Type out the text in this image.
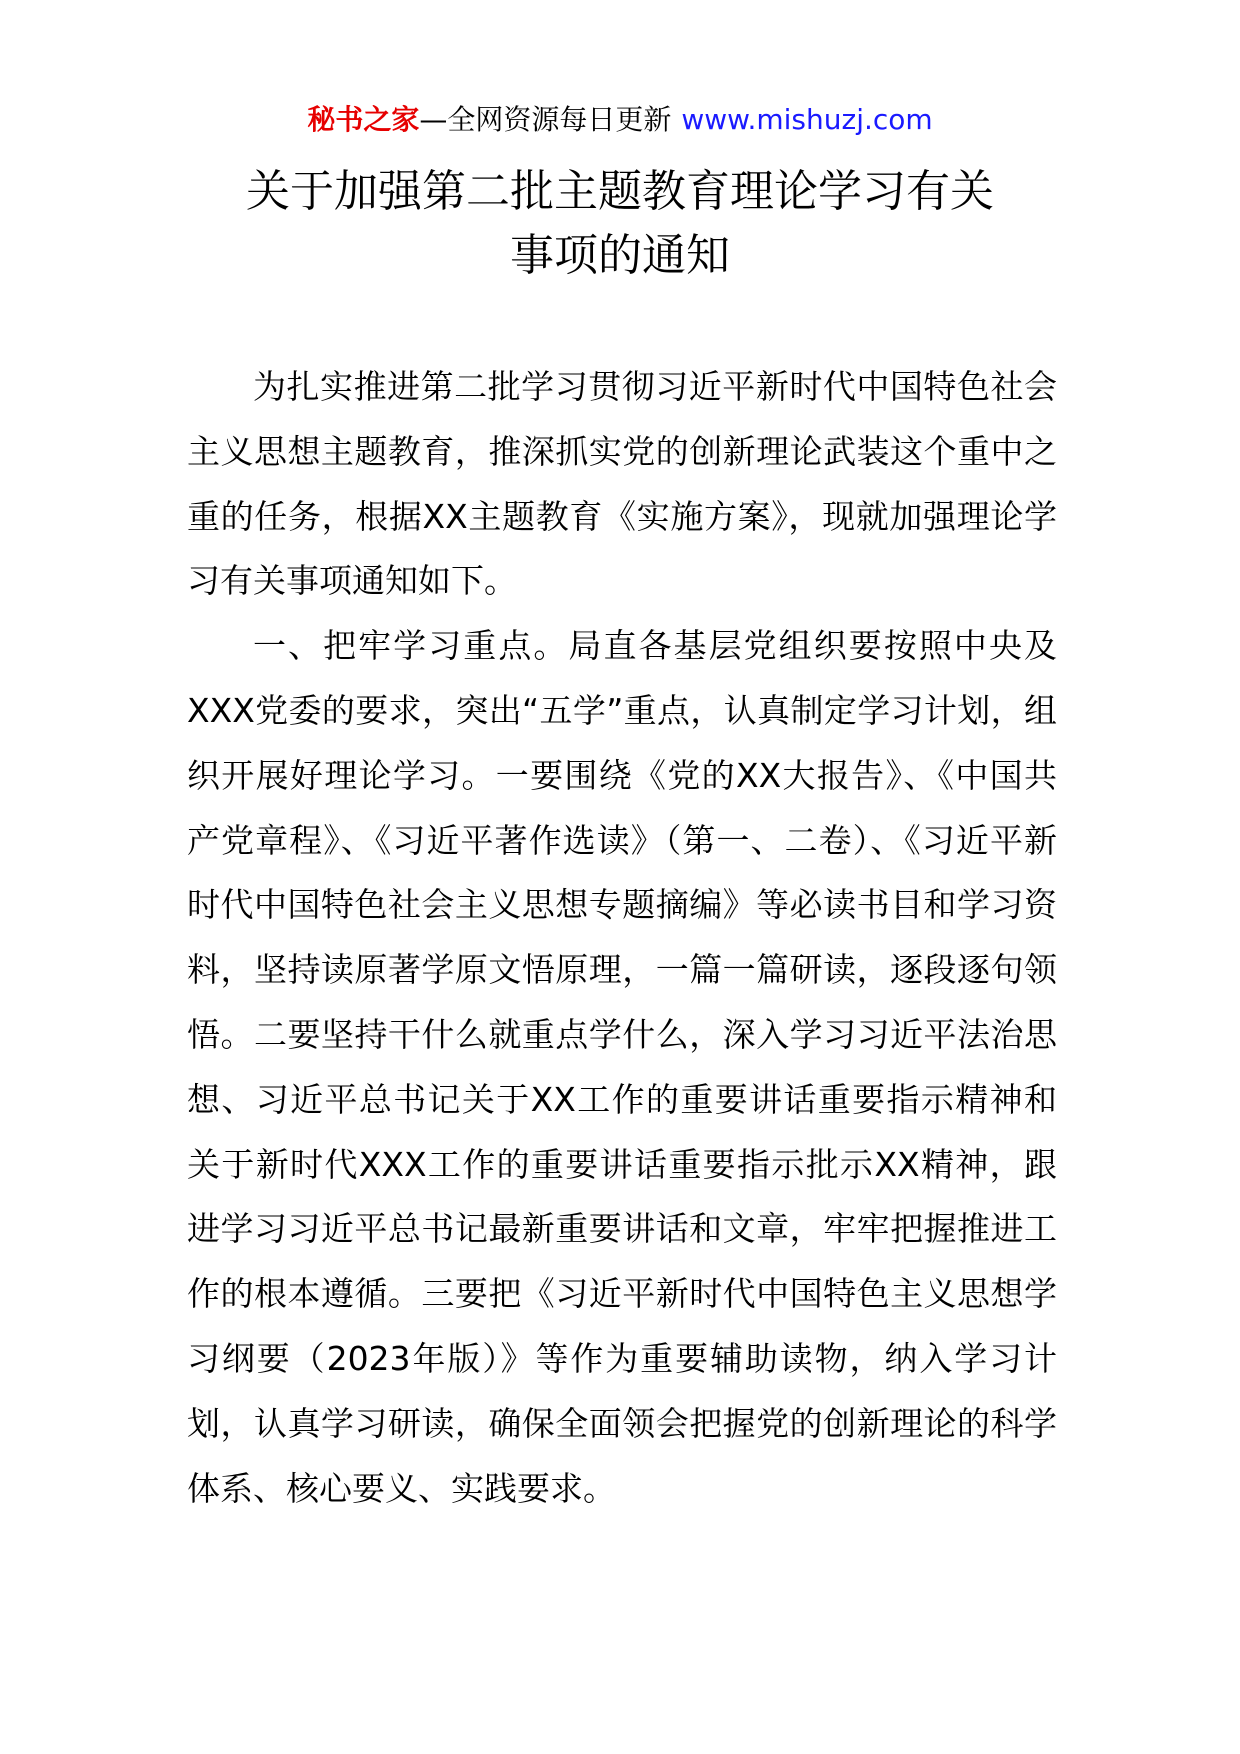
秘书之家—全网资源每日更新 www.mishuzj.com
关于加强第二批主题教育理论学习有关
事项的通知

为扎实推进第二批学习贯彻习近平新时代中国特色社会主义思想主题教育，推深抓实党的创新理论武装这个重中之重的任务，根据XX主题教育《实施方案》，现就加强理论学习有关事项通知如下。

一、把牢学习重点。局直各基层党组织要按照中央及XXX党委的要求，突出“五学”重点，认真制定学习计划，组织开展好理论学习。一要围绕《党的XX大报告》、《中国共产党章程》、《习近平著作选读》（第一、二卷）、《习近平新时代中国特色社会主义思想专题摘编》等必读书目和学习资料，坚持读原著学原文悟原理，一篇一篇研读，逐段逐句领悟。二要坚持干什么就重点学什么，深入学习习近平法治思想、习近平总书记关于XX工作的重要讲话重要指示精神和关于新时代XXX工作的重要讲话重要指示批示XX精神，跟进学习习近平总书记最新重要讲话和文章，牢牢把握推进工作的根本遵循。三要把《习近平新时代中国特色主义思想学习纲要（2023年版）》等作为重要辅助读物，纳入学习计划，认真学习研读，确保全面领会把握党的创新理论的科学体系、核心要义、实践要求。
